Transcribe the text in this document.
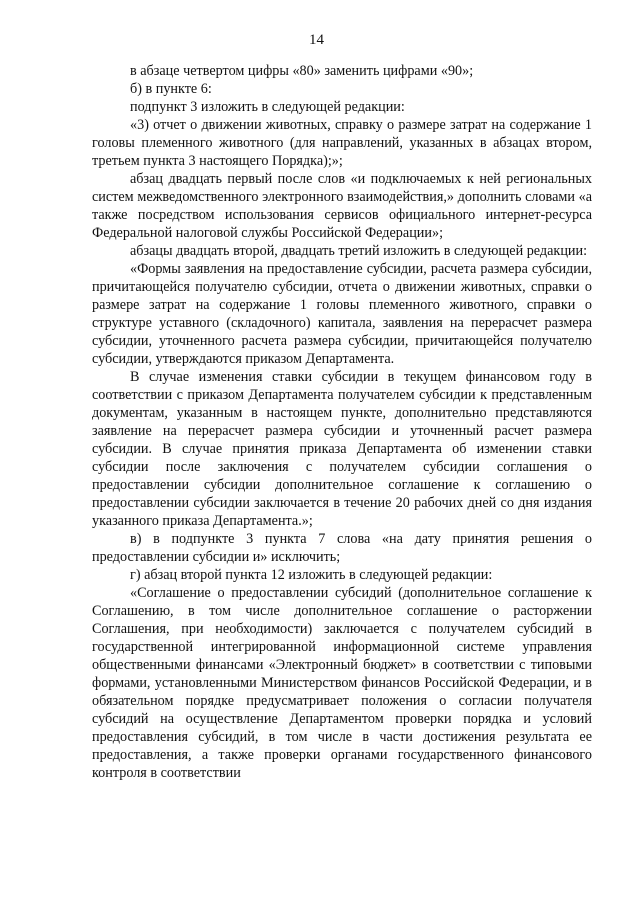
14

в абзаце четвертом цифры «80» заменить цифрами «90»;

б) в пункте 6:

подпункт 3 изложить в следующей редакции:

«3) отчет о движении животных, справку о размере затрат на содержание 1 головы племенного животного (для направлений, указанных в абзацах втором, третьем пункта 3 настоящего Порядка);»;

абзац двадцать первый после слов «и подключаемых к ней региональных систем межведомственного электронного взаимодействия,» дополнить словами «а также посредством использования сервисов официального интернет-ресурса Федеральной налоговой службы Российской Федерации»;

абзацы двадцать второй, двадцать третий изложить в следующей редакции:

«Формы заявления на предоставление субсидии, расчета размера субсидии, причитающейся получателю субсидии, отчета о движении животных, справки о размере затрат на содержание 1 головы племенного животного, справки о структуре уставного (складочного) капитала, заявления на перерасчет размера субсидии, уточненного расчета размера субсидии, причитающейся получателю субсидии, утверждаются приказом Департамента.

В случае изменения ставки субсидии в текущем финансовом году в соответствии с приказом Департамента получателем субсидии к представленным документам, указанным в настоящем пункте, дополнительно представляются заявление на перерасчет размера субсидии и уточненный расчет размера субсидии. В случае принятия приказа Департамента об изменении ставки субсидии после заключения с получателем субсидии соглашения о предоставлении субсидии дополнительное соглашение к соглашению о предоставлении субсидии заключается в течение 20 рабочих дней со дня издания указанного приказа Департамента.»;

в) в подпункте 3 пункта 7 слова «на дату принятия решения о предоставлении субсидии и» исключить;

г) абзац второй пункта 12 изложить в следующей редакции:

«Соглашение о предоставлении субсидий (дополнительное соглашение к Соглашению, в том числе дополнительное соглашение о расторжении Соглашения, при необходимости) заключается с получателем субсидий в государственной интегрированной информационной системе управления общественными финансами «Электронный бюджет» в соответствии с типовыми формами, установленными Министерством финансов Российской Федерации, и в обязательном порядке предусматривает положения о согласии получателя субсидий на осуществление Департаментом проверки порядка и условий предоставления субсидий, в том числе в части достижения результата ее предоставления, а также проверки органами государственного финансового контроля в соответствии
